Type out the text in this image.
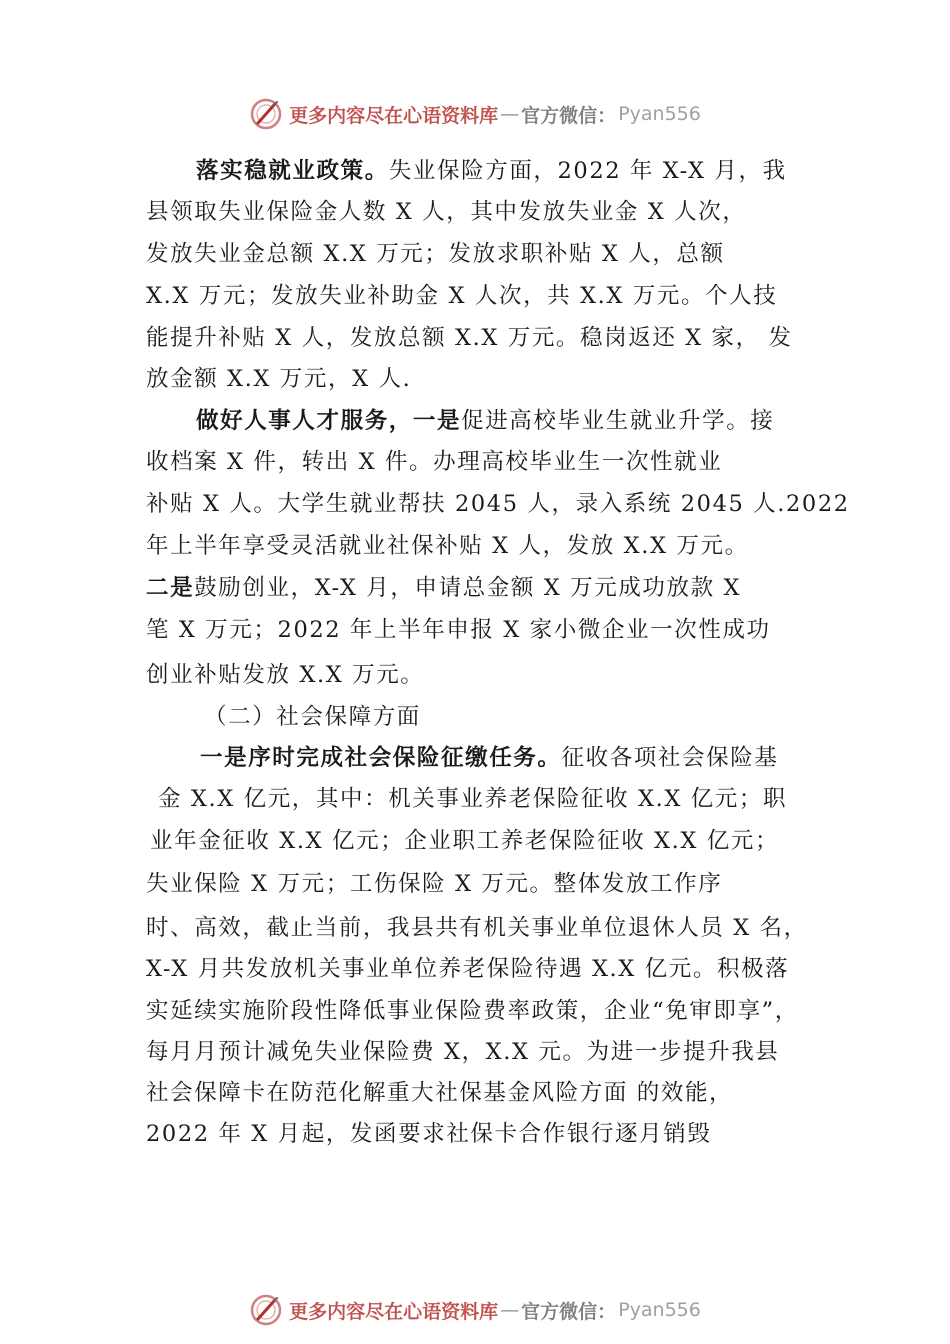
更多内容尽在心语资料库 — 官方微信： Pyan556
落实稳就业政策。失业保险方面，2022 年 X-X 月，我
县领取失业保险金人数 X 人，其中发放失业金 X 人次，
发放失业金总额 X.X 万元；发放求职补贴 X 人，总额
X.X 万元；发放失业补助金 X 人次，共 X.X 万元。个人技
能提升补贴 X 人，发放总额 X.X 万元。稳岗返还 X 家， 发
放金额 X.X 万元，X 人.
做好人事人才服务，一是促进高校毕业生就业升学。接
收档案 X 件，转出 X 件。办理高校毕业生一次性就业
补贴 X 人。大学生就业帮扶 2045 人，录入系统 2045 人.2022
年上半年享受灵活就业社保补贴 X 人，发放 X.X 万元。
二是鼓励创业，X-X 月，申请总金额 X 万元成功放款 X
笔 X 万元；2022 年上半年申报 X 家小微企业一次性成功
创业补贴发放 X.X 万元。
（二）社会保障方面
一是序时完成社会保险征缴任务。征收各项社会保险基
金 X.X 亿元，其中：机关事业养老保险征收 X.X 亿元；职
业年金征收 X.X 亿元；企业职工养老保险征收 X.X 亿元；
失业保险 X 万元；工伤保险 X 万元。整体发放工作序
时、高效，截止当前，我县共有机关事业单位退休人员 X 名，
X-X 月共发放机关事业单位养老保险待遇 X.X 亿元。积极落
实延续实施阶段性降低事业保险费率政策，企业“免审即享”，
每月月预计减免失业保险费 X，X.X 元。为进一步提升我县
社会保障卡在防范化解重大社保基金风险方面 的效能，
2022 年 X 月起，发函要求社保卡合作银行逐月销毁
更多内容尽在心语资料库 — 官方微信： Pyan556
